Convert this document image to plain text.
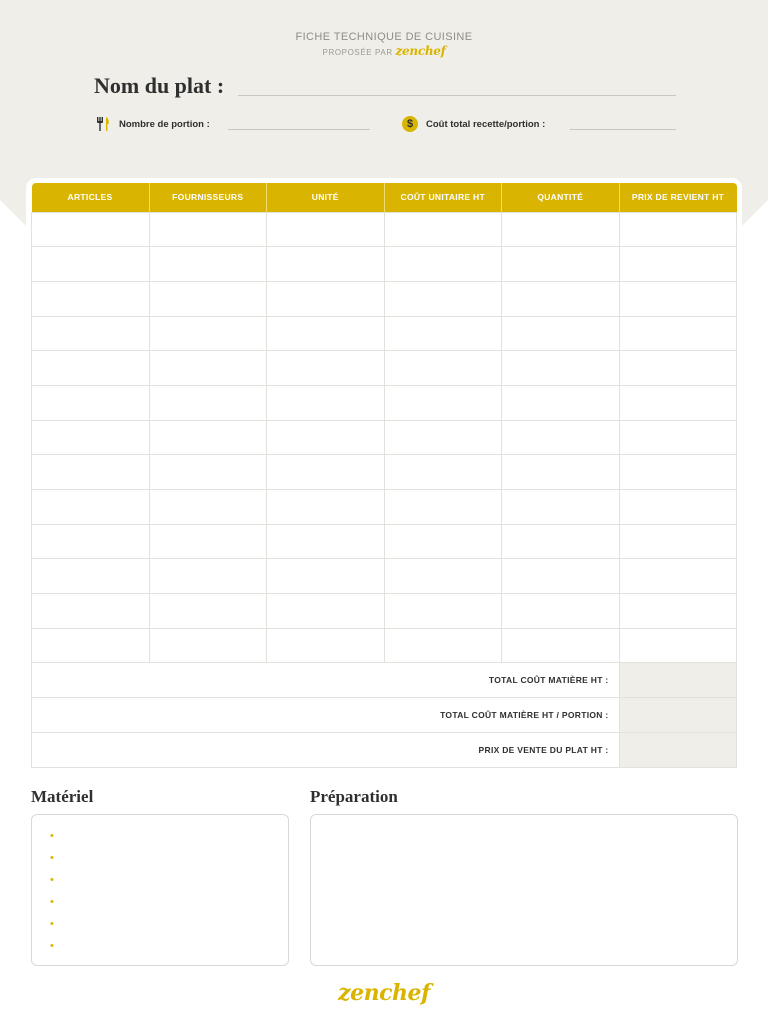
FICHE TECHNIQUE DE CUISINE
PROPOSÉE PAR zenchef
Nom du plat :
Nombre de portion :	$	Coût total recette/portion :
ARTICLES	FOURNISSEURS	UNITÉ	COÛT UNITAIRE HT	QUANTITÉ	PRIX DE REVIENT HT

TOTAL COÛT MATIÈRE HT :					
TOTAL COÛT MATIÈRE HT / PORTION :					
PRIX DE VENTE DU PLAT HT :					
Matériel	Préparation
•
•
•
•
•
•
zenchef
